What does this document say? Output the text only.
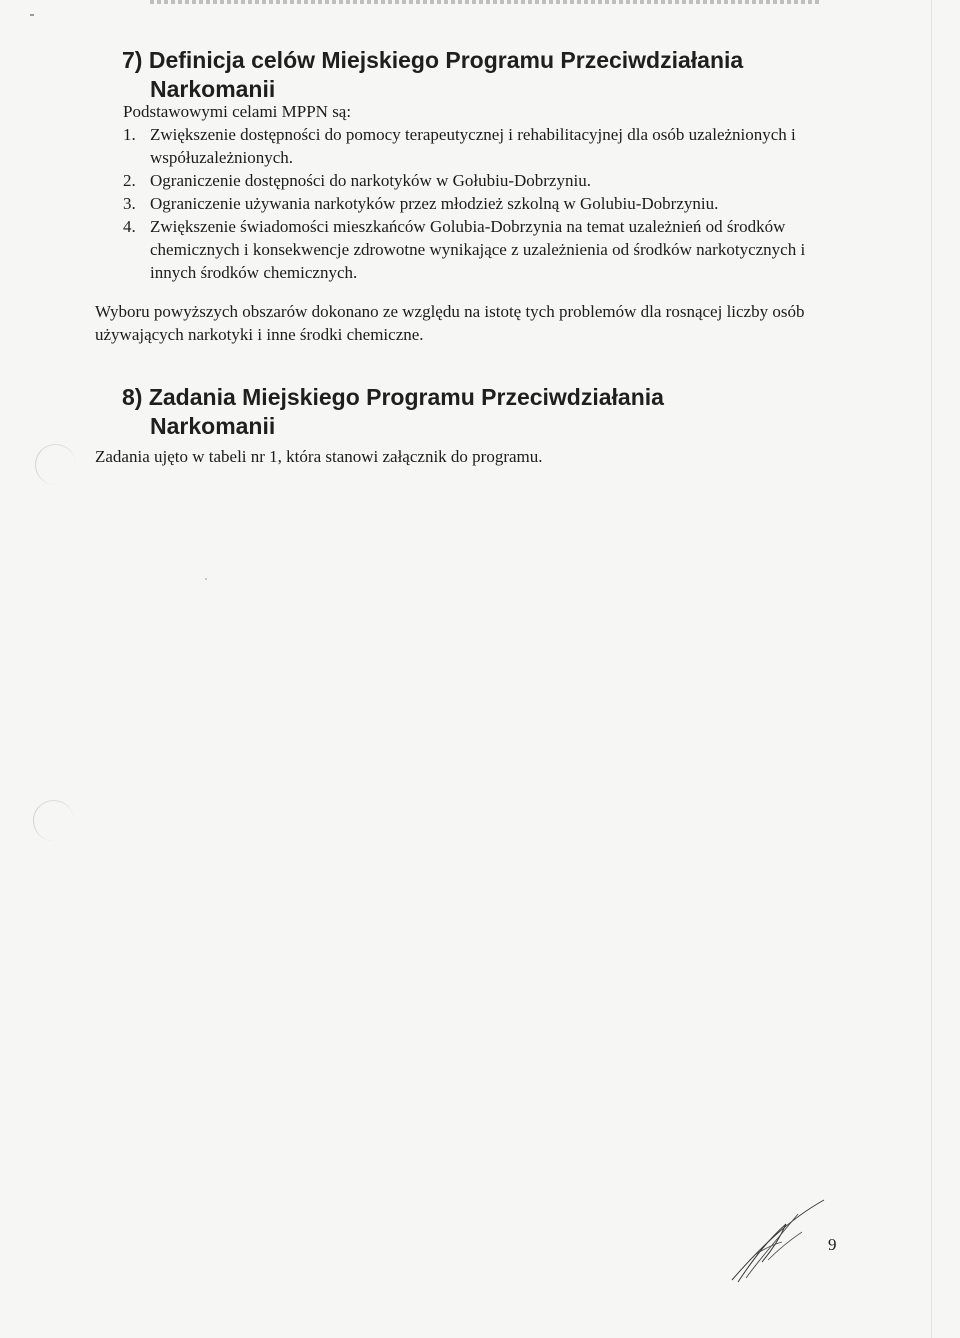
7) Definicja celów Miejskiego Programu Przeciwdziałania
Narkomanii

Podstawowymi celami MPPN są:

1. Zwiększenie dostępności do pomocy terapeutycznej i rehabilitacyjnej dla osób uzależnionych i współuzależnionych.
2. Ograniczenie dostępności do narkotyków w Gołubiu-Dobrzyniu.
3. Ograniczenie używania narkotyków przez młodzież szkolną w Golubiu-Dobrzyniu.
4. Zwiększenie świadomości mieszkańców Golubia-Dobrzynia na temat uzależnień od środków chemicznych i konsekwencje zdrowotne wynikające z uzależnienia od środków narkotycznych i innych środków chemicznych.

Wyboru powyższych obszarów dokonano ze względu na istotę tych problemów dla rosnącej liczby osób używających narkotyki i inne środki chemiczne.

8) Zadania Miejskiego Programu Przeciwdziałania
Narkomanii

Zadania ujęto w tabeli nr 1, która stanowi załącznik do programu.

9
